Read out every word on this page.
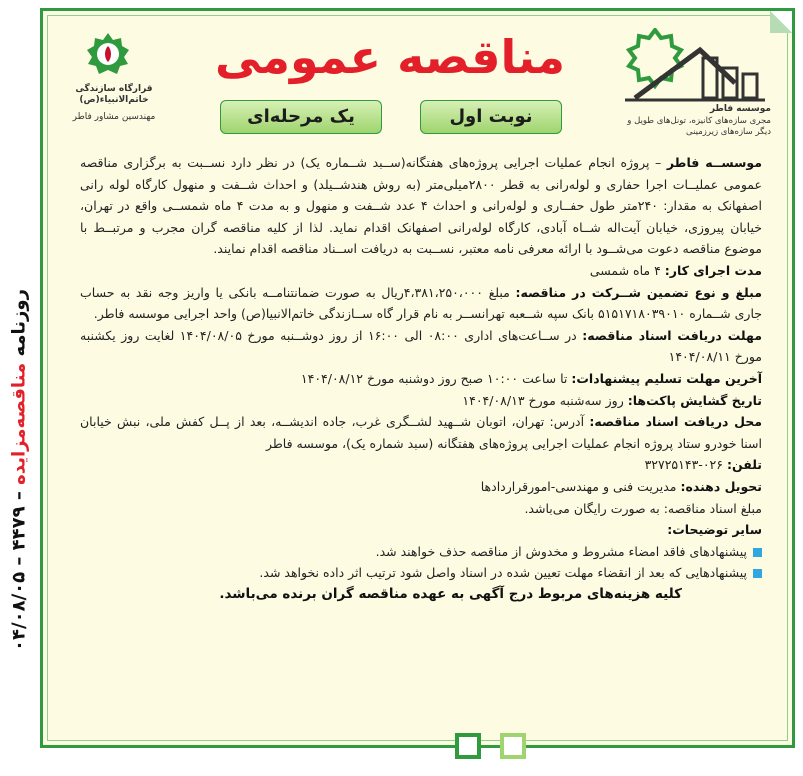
قرارگاه سازندگی خاتم‌الانبیاء(ص)
مهندسین مشاور فاطر
موسسه فاطر
مجری سازه‌های کانیزه، تونل‌های طویل و دیگر سازه‌های زیرزمینی
مناقصه عمومی
نوبت اول
یک مرحله‌ای

موسســه فاطر – پروژه انجام عملیات اجرایی پروژه‌های هفتگانه(ســبد شــماره یک) در نظر دارد نســبت به برگزاری مناقصه عمومی عملیــات اجرا حفاری و لوله‌رانی به قطر ۲۸۰۰میلی‌متر (به روش هندشــیلد) و احداث شــفت و منهول کارگاه لوله رانی اصفهانک به مقدار: ۲۴۰متر طول حفــاری و لوله‌رانی و احداث ۴ عدد شــفت و منهول و به مدت ۴ ماه شمســی واقع در تهران، خیابان پیروزی، خیابان آیت‌اله شــاه آبادی، کارگاه لوله‌رانی اصفهانک اقدام نماید. لذا از کلیه مناقصه گران مجرب و مرتبــط با موضوع مناقصه دعوت می‌شــود با ارائه معرفی نامه معتبر، نســبت به دریافت اســناد مناقصه اقدام نمایند.

مدت اجرای کار: ۴ ماه شمسی

مبلغ و نوع تضمین شــرکت در مناقصه: مبلغ ۴،۳۸۱،۲۵۰،۰۰۰ریال به صورت ضمانتنامــه بانکی یا واریز وجه نقد به حساب جاری شــماره ۵۱۵۱۷۱۸۰۳۹۰۱۰ بانک سپه شــعبه تهرانســر به نام قرار گاه ســازندگی خاتم‌الانبیا(ص) واحد اجرایی موسسه فاطر.

مهلت دریافت اسناد مناقصه: در ســاعت‌های اداری ۰۸:۰۰ الی ۱۶:۰۰ از روز دوشــنبه مورخ ۱۴۰۴/۰۸/۰۵ لغایت روز یکشنبه مورخ ۱۴۰۴/۰۸/۱۱

آخرین مهلت تسلیم پیشنهادات: تا ساعت ۱۰:۰۰ صبح روز دوشنبه مورخ ۱۴۰۴/۰۸/۱۲

تاریخ گشایش پاکت‌ها: روز سه‌شنبه مورخ ۱۴۰۴/۰۸/۱۳

محل دریافت اسناد مناقصه: آدرس: تهران، اتوبان شــهید لشــگری غرب، جاده اندیشــه، بعد از پــل کفش ملی، نبش خیابان اسنا خودرو ستاد پروژه انجام عملیات اجرایی پروژه‌های هفتگانه (سبد شماره یک)، موسسه فاطر

تلفن: ۰۲۶-۳۲۷۲۵۱۴۳

تحویل دهنده: مدیریت فنی و مهندسی-امورقراردادها

مبلغ اسناد مناقصه: به صورت رایگان می‌باشد.

سایر توضیحات:

پیشنهادهای فاقد امضاء مشروط و مخدوش از مناقصه حذف خواهند شد.

پیشنهادهایی که بعد از انقضاء مهلت تعیین شده در اسناد واصل شود ترتیب اثر داده نخواهد شد.

کلیه هزینه‌های مربوط درج آگهی به عهده مناقصه گران برنده می‌باشد.

روزنامه مناقصه‌مزایده – ۴۴۷۹ – ۰۴/۰۸/۰۵
